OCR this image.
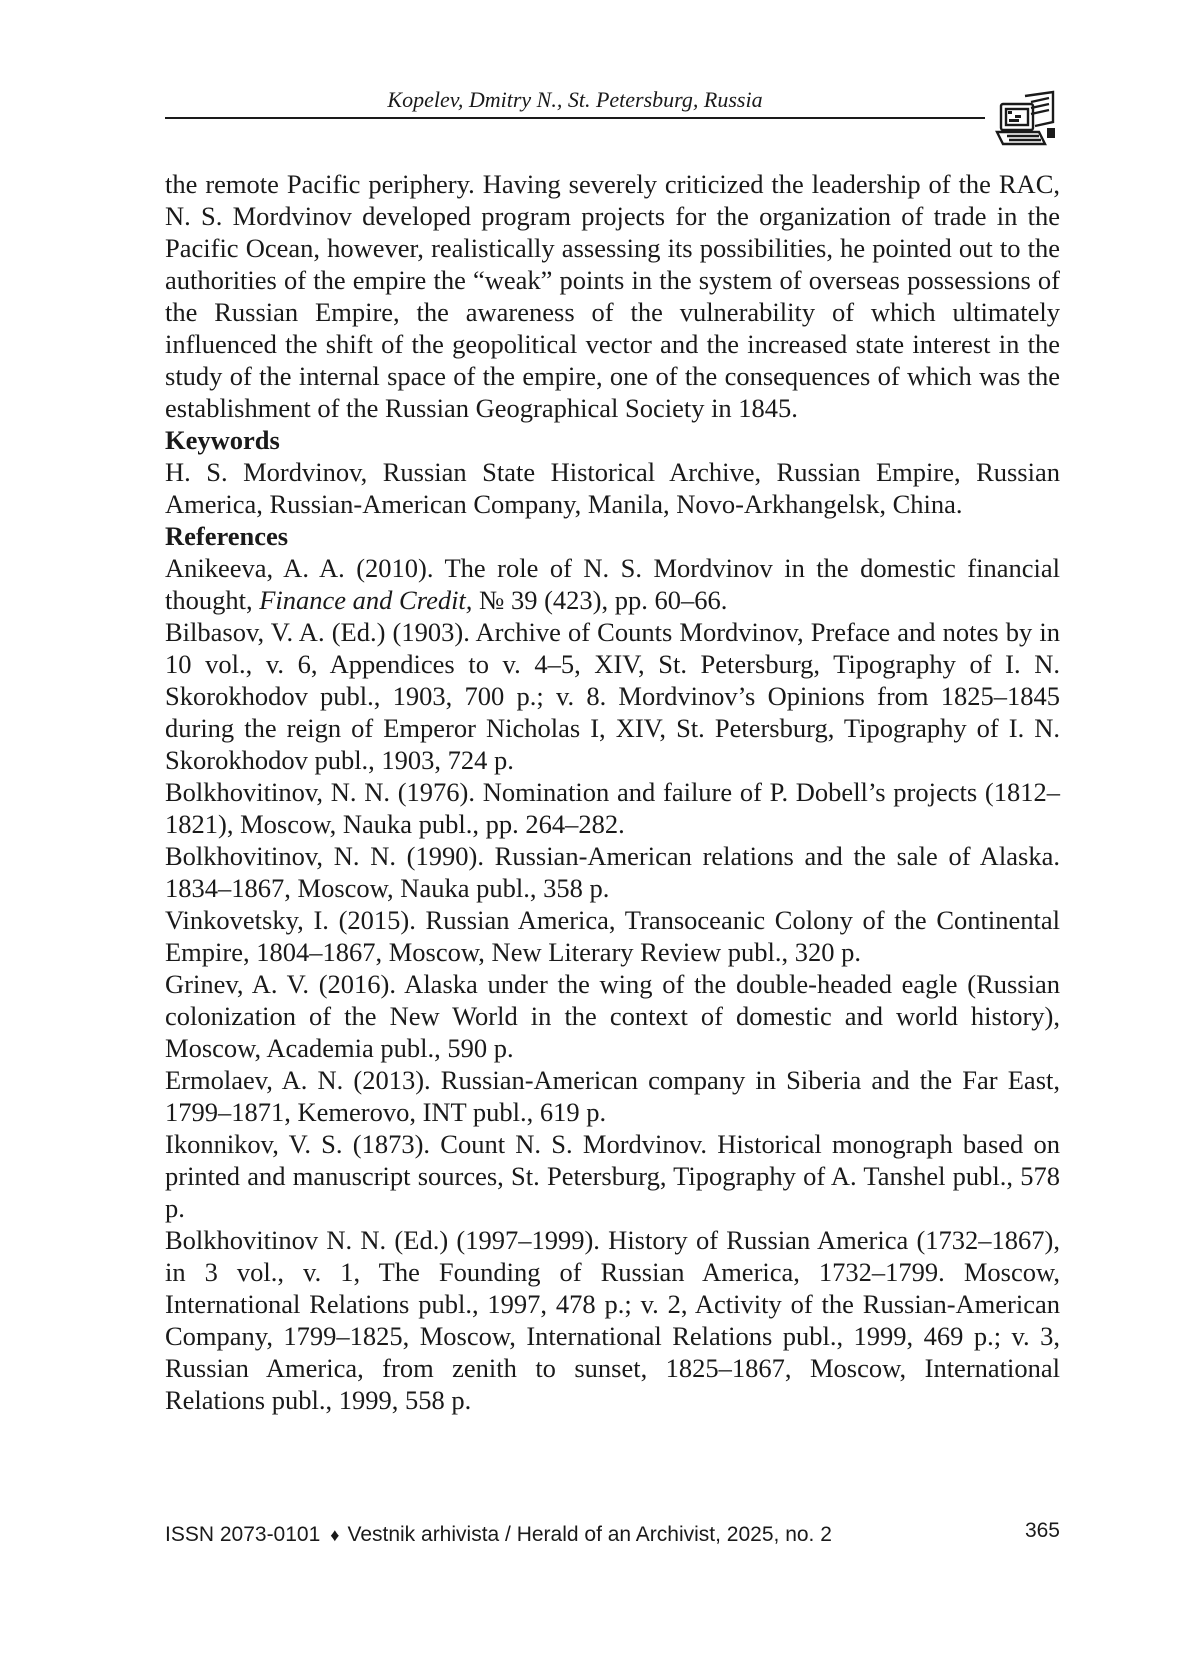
Kopelev, Dmitry N., St. Petersburg, Russia

the remote Pacific periphery. Having severely criticized the leadership of the RAC, N. S. Mordvinov developed program projects for the organization of trade in the Pacific Ocean, however, realistically assessing its possibilities, he pointed out to the authorities of the empire the “weak” points in the system of overseas possessions of the Russian Empire, the awareness of the vulnerability of which ultimately influenced the shift of the geopolitical vector and the increased state interest in the study of the internal space of the empire, one of the consequences of which was the establishment of the Russian Geographical Society in 1845.

Keywords

H. S. Mordvinov, Russian State Historical Archive, Russian Empire, Russian America, Russian-American Company, Manila, Novo-Arkhangelsk, China.

References

Anikeeva, A. A. (2010). The role of N. S. Mordvinov in the domestic financial thought, Finance and Credit, № 39 (423), pp. 60–66.

Bilbasov, V. A. (Ed.) (1903). Archive of Counts Mordvinov, Preface and notes by in 10 vol., v. 6, Appendices to v. 4–5, XIV, St. Petersburg, Tipography of I. N. Skorokhodov publ., 1903, 700 p.; v. 8. Mordvinov’s Opinions from 1825–1845 during the reign of Emperor Nicholas I, XIV, St. Petersburg, Tipography of I. N. Skorokhodov publ., 1903, 724 p.

Bolkhovitinov, N. N. (1976). Nomination and failure of P. Dobell’s projects (1812–1821), Moscow, Nauka publ., pp. 264–282.

Bolkhovitinov, N. N. (1990). Russian-American relations and the sale of Alaska. 1834–1867, Moscow, Nauka publ., 358 p.

Vinkovetsky, I. (2015). Russian America, Transoceanic Colony of the Continental Empire, 1804–1867, Moscow, New Literary Review publ., 320 p.

Grinev, A. V. (2016). Alaska under the wing of the double-headed eagle (Russian colonization of the New World in the context of domestic and world history), Moscow, Academia publ., 590 p.

Ermolaev, A. N. (2013). Russian-American company in Siberia and the Far East, 1799–1871, Kemerovo, INT publ., 619 p.

Ikonnikov, V. S. (1873). Count N. S. Mordvinov. Historical monograph based on printed and manuscript sources, St. Petersburg, Tipography of A. Tanshel publ., 578 p.

Bolkhovitinov N. N. (Ed.) (1997–1999). History of Russian America (1732–1867), in 3 vol., v. 1, The Founding of Russian America, 1732–1799. Moscow, International Relations publ., 1997, 478 p.; v. 2, Activity of the Russian-American Company, 1799–1825, Moscow, International Relations publ., 1999, 469 p.; v. 3, Russian America, from zenith to sunset, 1825–1867, Moscow, International Relations publ., 1999, 558 p.

ISSN 2073-0101 ♦ Vestnik arhivista / Herald of an Archivist, 2025, no. 2	365
